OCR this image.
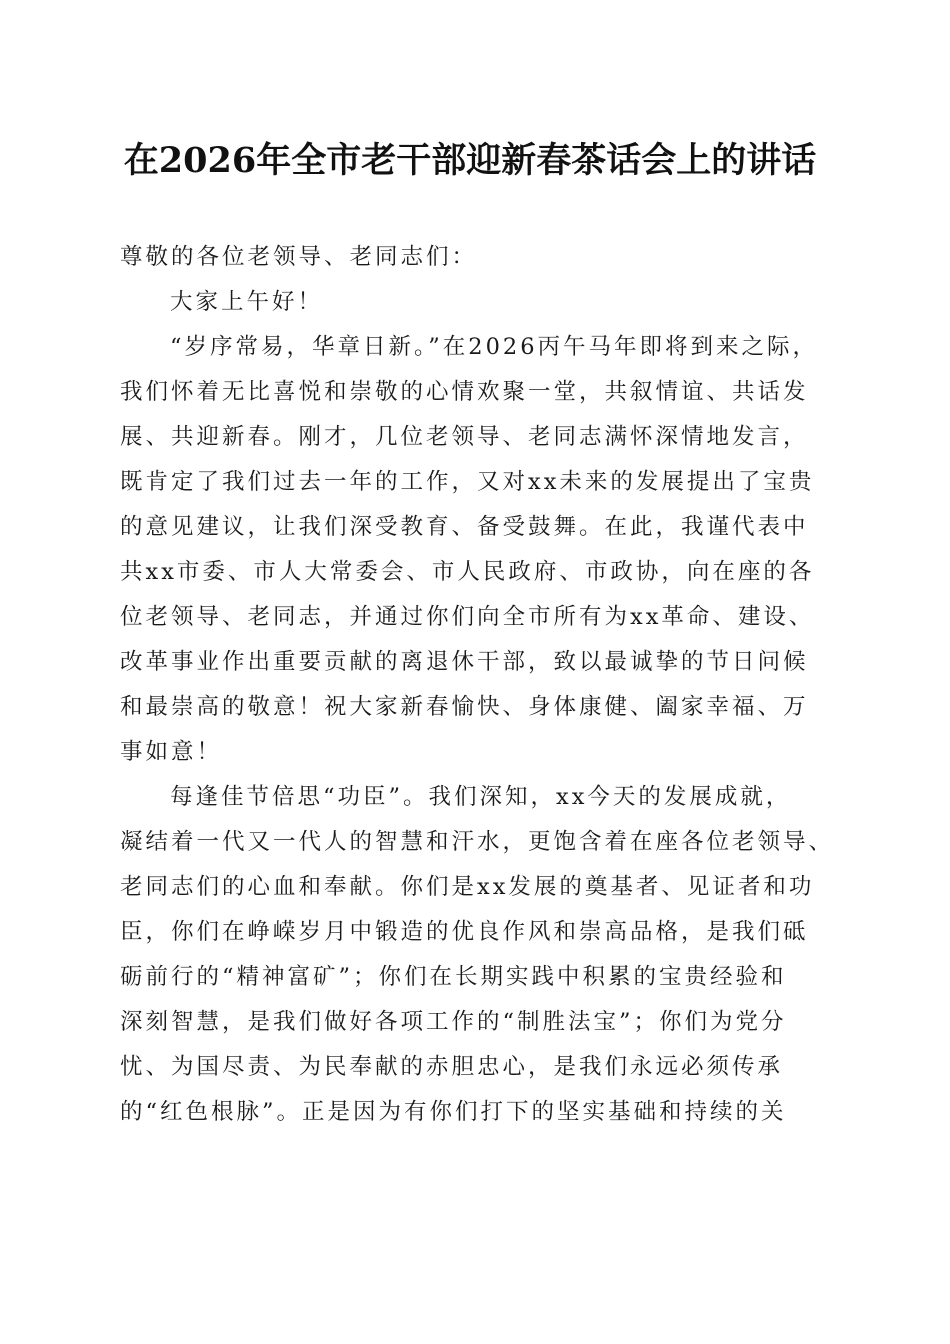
在2026年全市老干部迎新春茶话会上的讲话

尊敬的各位老领导、老同志们：

大家上午好！

“岁序常易，华章日新。”在2026丙午马年即将到来之际，
我们怀着无比喜悦和崇敬的心情欢聚一堂，共叙情谊、共话发
展、共迎新春。刚才，几位老领导、老同志满怀深情地发言，
既肯定了我们过去一年的工作，又对xx未来的发展提出了宝贵
的意见建议，让我们深受教育、备受鼓舞。在此，我谨代表中
共xx市委、市人大常委会、市人民政府、市政协，向在座的各
位老领导、老同志，并通过你们向全市所有为xx革命、建设、
改革事业作出重要贡献的离退休干部，致以最诚挚的节日问候
和最崇高的敬意！祝大家新春愉快、身体康健、阖家幸福、万
事如意！

每逢佳节倍思“功臣”。我们深知，xx今天的发展成就，
凝结着一代又一代人的智慧和汗水，更饱含着在座各位老领导、
老同志们的心血和奉献。你们是xx发展的奠基者、见证者和功
臣，你们在峥嵘岁月中锻造的优良作风和崇高品格，是我们砥
砺前行的“精神富矿”；你们在长期实践中积累的宝贵经验和
深刻智慧，是我们做好各项工作的“制胜法宝”；你们为党分
忧、为国尽责、为民奉献的赤胆忠心，是我们永远必须传承
的“红色根脉”。正是因为有你们打下的坚实基础和持续的关
